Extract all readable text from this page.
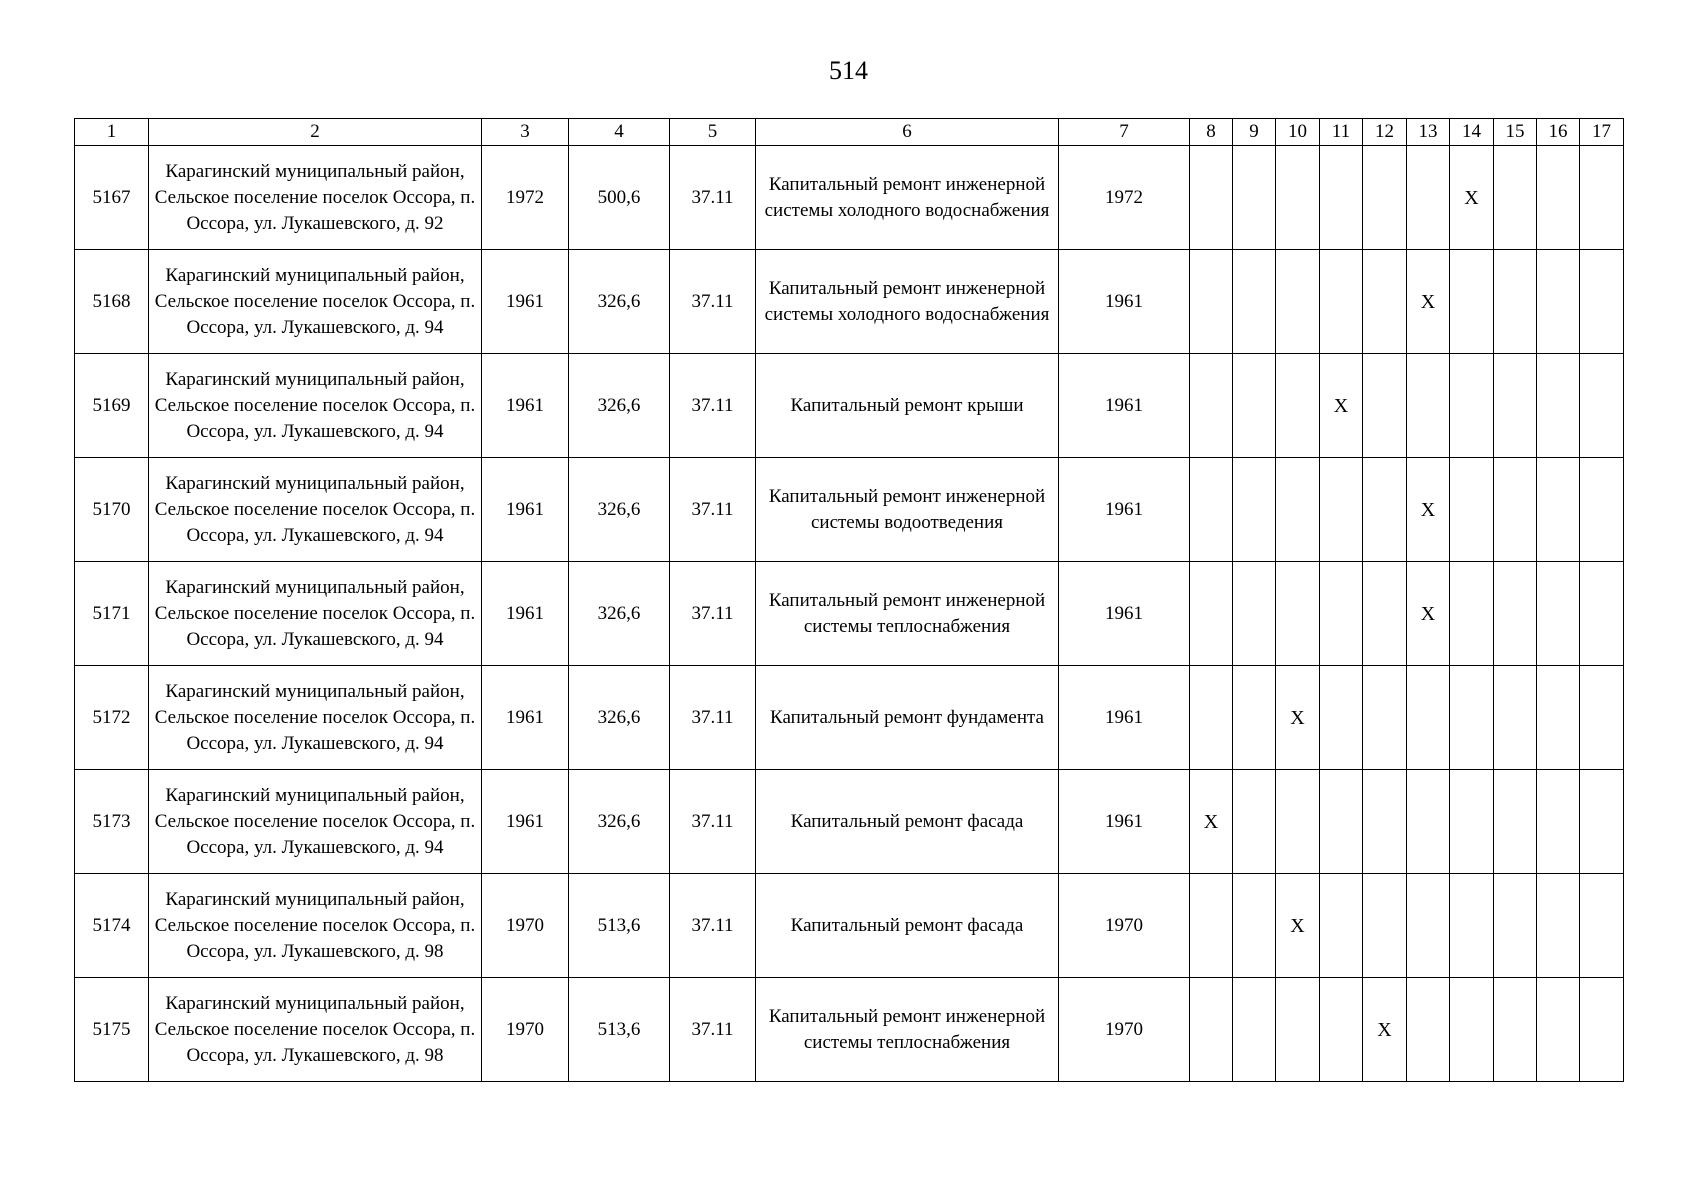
514
1	2	3	4	5	6	7	8	9	10	11	12	13	14	15	16	17
5167	Карагинский муниципальный район, Сельское поселение поселок Оссора, п. Оссора, ул. Лукашевского, д. 92	1972	500,6	37.11	Капитальный ремонт инженерной системы холодного водоснабжения	1972							X			
5168	Карагинский муниципальный район, Сельское поселение поселок Оссора, п. Оссора, ул. Лукашевского, д. 94	1961	326,6	37.11	Капитальный ремонт инженерной системы холодного водоснабжения	1961						X				
5169	Карагинский муниципальный район, Сельское поселение поселок Оссора, п. Оссора, ул. Лукашевского, д. 94	1961	326,6	37.11	Капитальный ремонт крыши	1961				X						
5170	Карагинский муниципальный район, Сельское поселение поселок Оссора, п. Оссора, ул. Лукашевского, д. 94	1961	326,6	37.11	Капитальный ремонт инженерной системы водоотведения	1961						X				
5171	Карагинский муниципальный район, Сельское поселение поселок Оссора, п. Оссора, ул. Лукашевского, д. 94	1961	326,6	37.11	Капитальный ремонт инженерной системы теплоснабжения	1961						X				
5172	Карагинский муниципальный район, Сельское поселение поселок Оссора, п. Оссора, ул. Лукашевского, д. 94	1961	326,6	37.11	Капитальный ремонт фундамента	1961			X							
5173	Карагинский муниципальный район, Сельское поселение поселок Оссора, п. Оссора, ул. Лукашевского, д. 94	1961	326,6	37.11	Капитальный ремонт фасада	1961	X									
5174	Карагинский муниципальный район, Сельское поселение поселок Оссора, п. Оссора, ул. Лукашевского, д. 98	1970	513,6	37.11	Капитальный ремонт фасада	1970			X							
5175	Карагинский муниципальный район, Сельское поселение поселок Оссора, п. Оссора, ул. Лукашевского, д. 98	1970	513,6	37.11	Капитальный ремонт инженерной системы теплоснабжения	1970					X					
